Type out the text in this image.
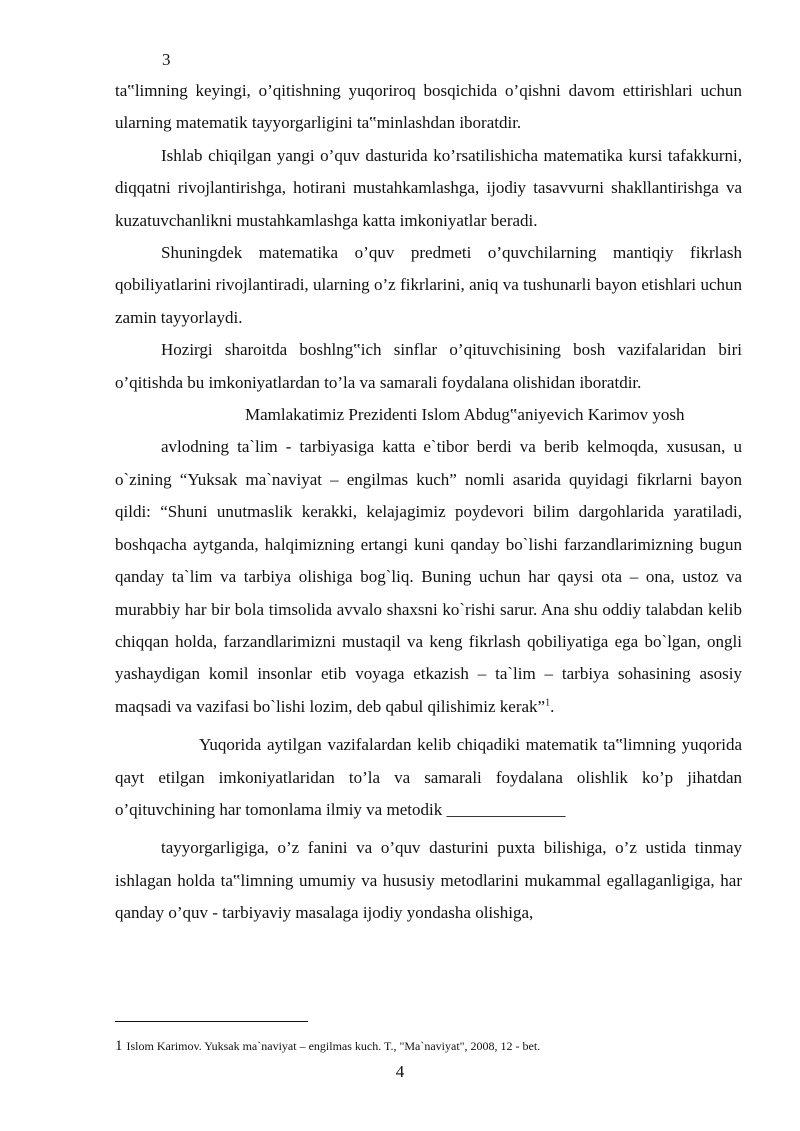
3

ta‟limning keyingi, o’qitishning yuqoriroq bosqichida o’qishni davom ettirishlari uchun ularning matematik tayyorgarligini ta‟minlashdan iboratdir.

Ishlab chiqilgan yangi o’quv dasturida ko’rsatilishicha matematika kursi tafakkurni, diqqatni rivojlantirishga, hotirani mustahkamlashga, ijodiy tasavvurni shakllantirishga va kuzatuvchanlikni mustahkamlashga katta imkoniyatlar beradi.

Shuningdek matematika o’quv predmeti o’quvchilarning mantiqiy fikrlash qobiliyatlarini rivojlantiradi, ularning o’z fikrlarini, aniq va tushunarli bayon etishlari uchun zamin tayyorlaydi.

Hozirgi sharoitda boshlng‟ich sinflar o’qituvchisining bosh vazifalaridan biri o’qitishda bu imkoniyatlardan to’la va samarali foydalana olishidan iboratdir.

Mamlakatimiz Prezidenti Islom Abdug‟aniyevich Karimov yosh

avlodning ta`lim - tarbiyasiga katta e`tibor berdi va berib kelmoqda, xususan, u o`zining “Yuksak ma`naviyat – engilmas kuch” nomli asarida quyidagi fikrlarni bayon qildi: “Shuni unutmaslik kerakki, kelajagimiz poydevori bilim dargohlarida yaratiladi, boshqacha aytganda, halqimizning ertangi kuni qanday bo`lishi farzandlarimizning bugun qanday ta`lim va tarbiya olishiga bog`liq. Buning uchun har qaysi ota – ona, ustoz va murabbiy har bir bola timsolida avvalo shaxsni ko`rishi sarur. Ana shu oddiy talabdan kelib chiqqan holda, farzandlarimizni mustaqil va keng fikrlash qobiliyatiga ega bo`lgan, ongli yashaydigan komil insonlar etib voyaga etkazish – ta`lim – tarbiya sohasining asosiy maqsadi va vazifasi bo`lishi lozim, deb qabul qilishimiz kerak”$^1$.

Yuqorida aytilgan vazifalardan kelib chiqadiki matematik ta‟limning yuqorida qayt etilgan imkoniyatlaridan to’la va samarali foydalana olishlik ko’p jihatdan o’qituvchining har tomonlama ilmiy va metodik ______________

tayyorgarligiga, o’z fanini va o’quv dasturini puxta bilishiga, o’z ustida tinmay ishlagan holda ta‟limning umumiy va hususiy metodlarini mukammal egallaganligiga, har qanday o’quv - tarbiyaviy masalaga ijodiy yondasha olishiga,

1 Islom Karimov. Yuksak ma`naviyat – engilmas kuch. T., "Ma`naviyat", 2008, 12 - bet.
4
